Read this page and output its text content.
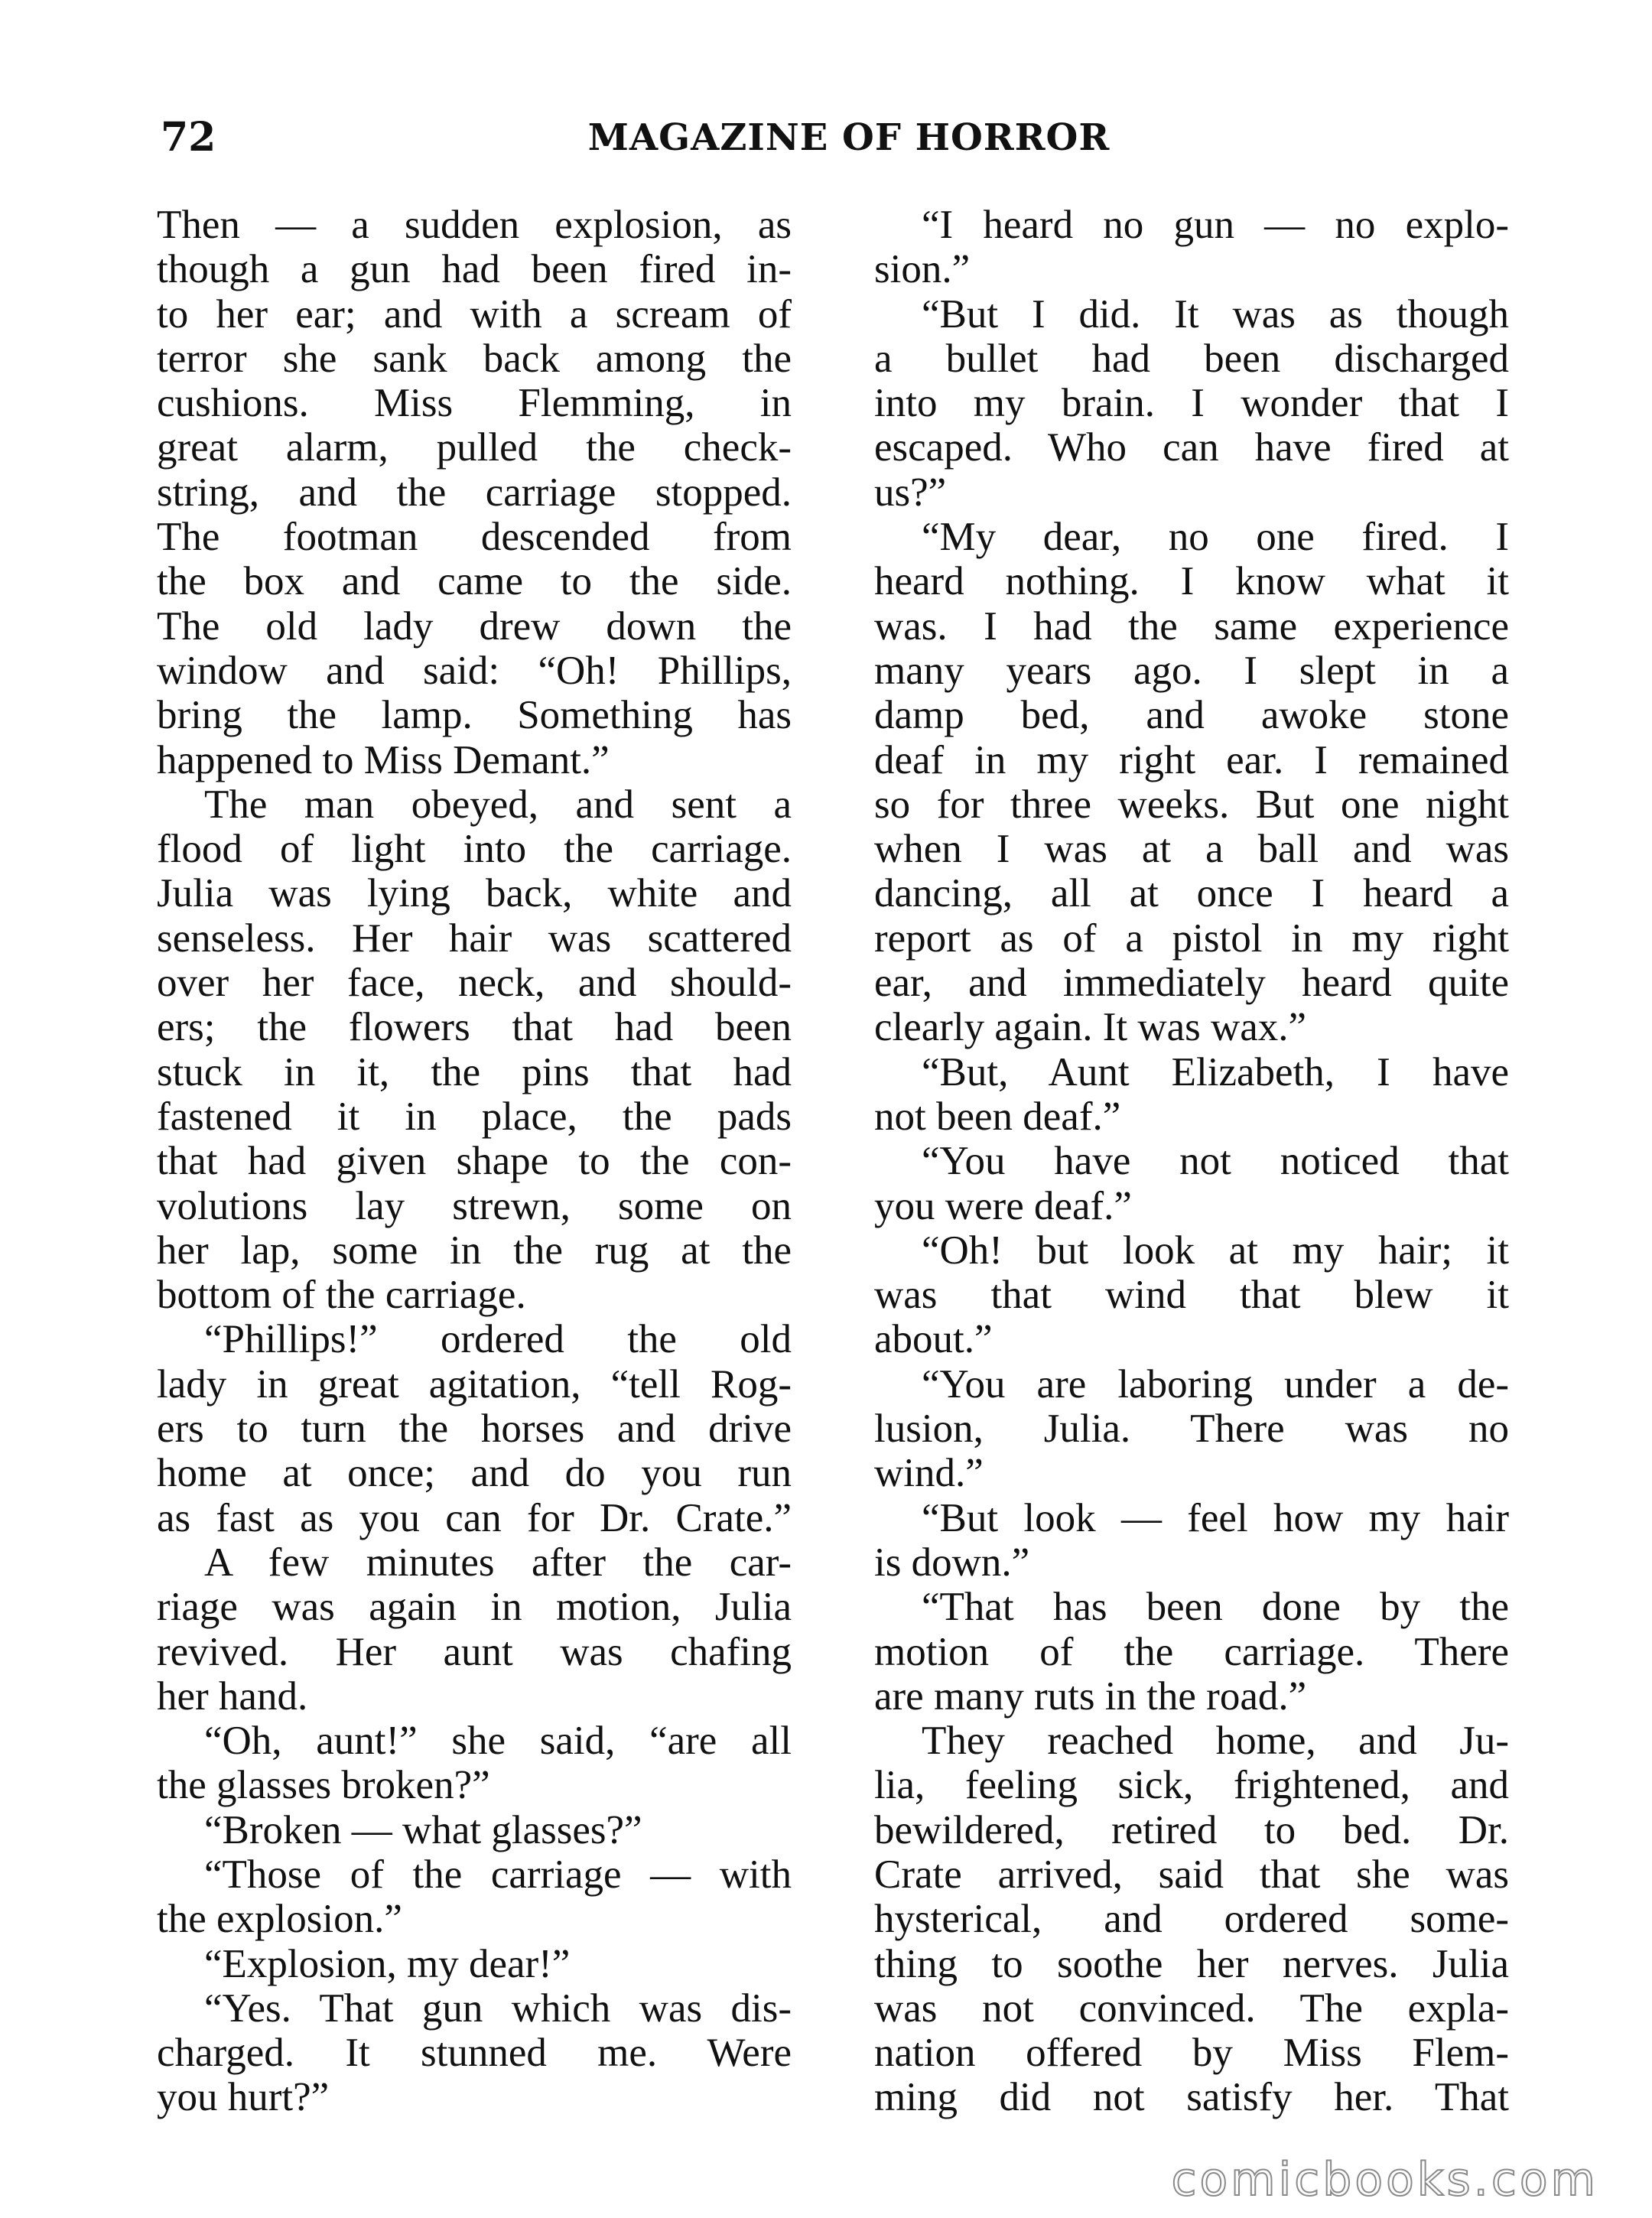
72	MAGAZINE OF HORROR
Then — a sudden explosion, as
though a gun had been fired in-
to her ear; and with a scream of
terror she sank back among the
cushions. Miss Flemming, in
great alarm, pulled the check-
string, and the carriage stopped.
The footman descended from
the box and came to the side.
The old lady drew down the
window and said: “Oh! Phillips,
bring the lamp. Something has
happened to Miss Demant.”
The man obeyed, and sent a
flood of light into the carriage.
Julia was lying back, white and
senseless. Her hair was scattered
over her face, neck, and should-
ers; the flowers that had been
stuck in it, the pins that had
fastened it in place, the pads
that had given shape to the con-
volutions lay strewn, some on
her lap, some in the rug at the
bottom of the carriage.
“Phillips!” ordered the old
lady in great agitation, “tell Rog-
ers to turn the horses and drive
home at once; and do you run
as fast as you can for Dr. Crate.”
A few minutes after the car-
riage was again in motion, Julia
revived. Her aunt was chafing
her hand.
“Oh, aunt!” she said, “are all
the glasses broken?”
“Broken — what glasses?”
“Those of the carriage — with
the explosion.”
“Explosion, my dear!”
“Yes. That gun which was dis-
charged. It stunned me. Were
you hurt?”
“I heard no gun — no explo-
sion.”
“But I did. It was as though
a bullet had been discharged
into my brain. I wonder that I
escaped. Who can have fired at
us?”
“My dear, no one fired. I
heard nothing. I know what it
was. I had the same experience
many years ago. I slept in a
damp bed, and awoke stone
deaf in my right ear. I remained
so for three weeks. But one night
when I was at a ball and was
dancing, all at once I heard a
report as of a pistol in my right
ear, and immediately heard quite
clearly again. It was wax.”
“But, Aunt Elizabeth, I have
not been deaf.”
“You have not noticed that
you were deaf.”
“Oh! but look at my hair; it
was that wind that blew it
about.”
“You are laboring under a de-
lusion, Julia. There was no
wind.”
“But look — feel how my hair
is down.”
“That has been done by the
motion of the carriage. There
are many ruts in the road.”
They reached home, and Ju-
lia, feeling sick, frightened, and
bewildered, retired to bed. Dr.
Crate arrived, said that she was
hysterical, and ordered some-
thing to soothe her nerves. Julia
was not convinced. The expla-
nation offered by Miss Flem-
ming did not satisfy her. That
comicbooks.com
